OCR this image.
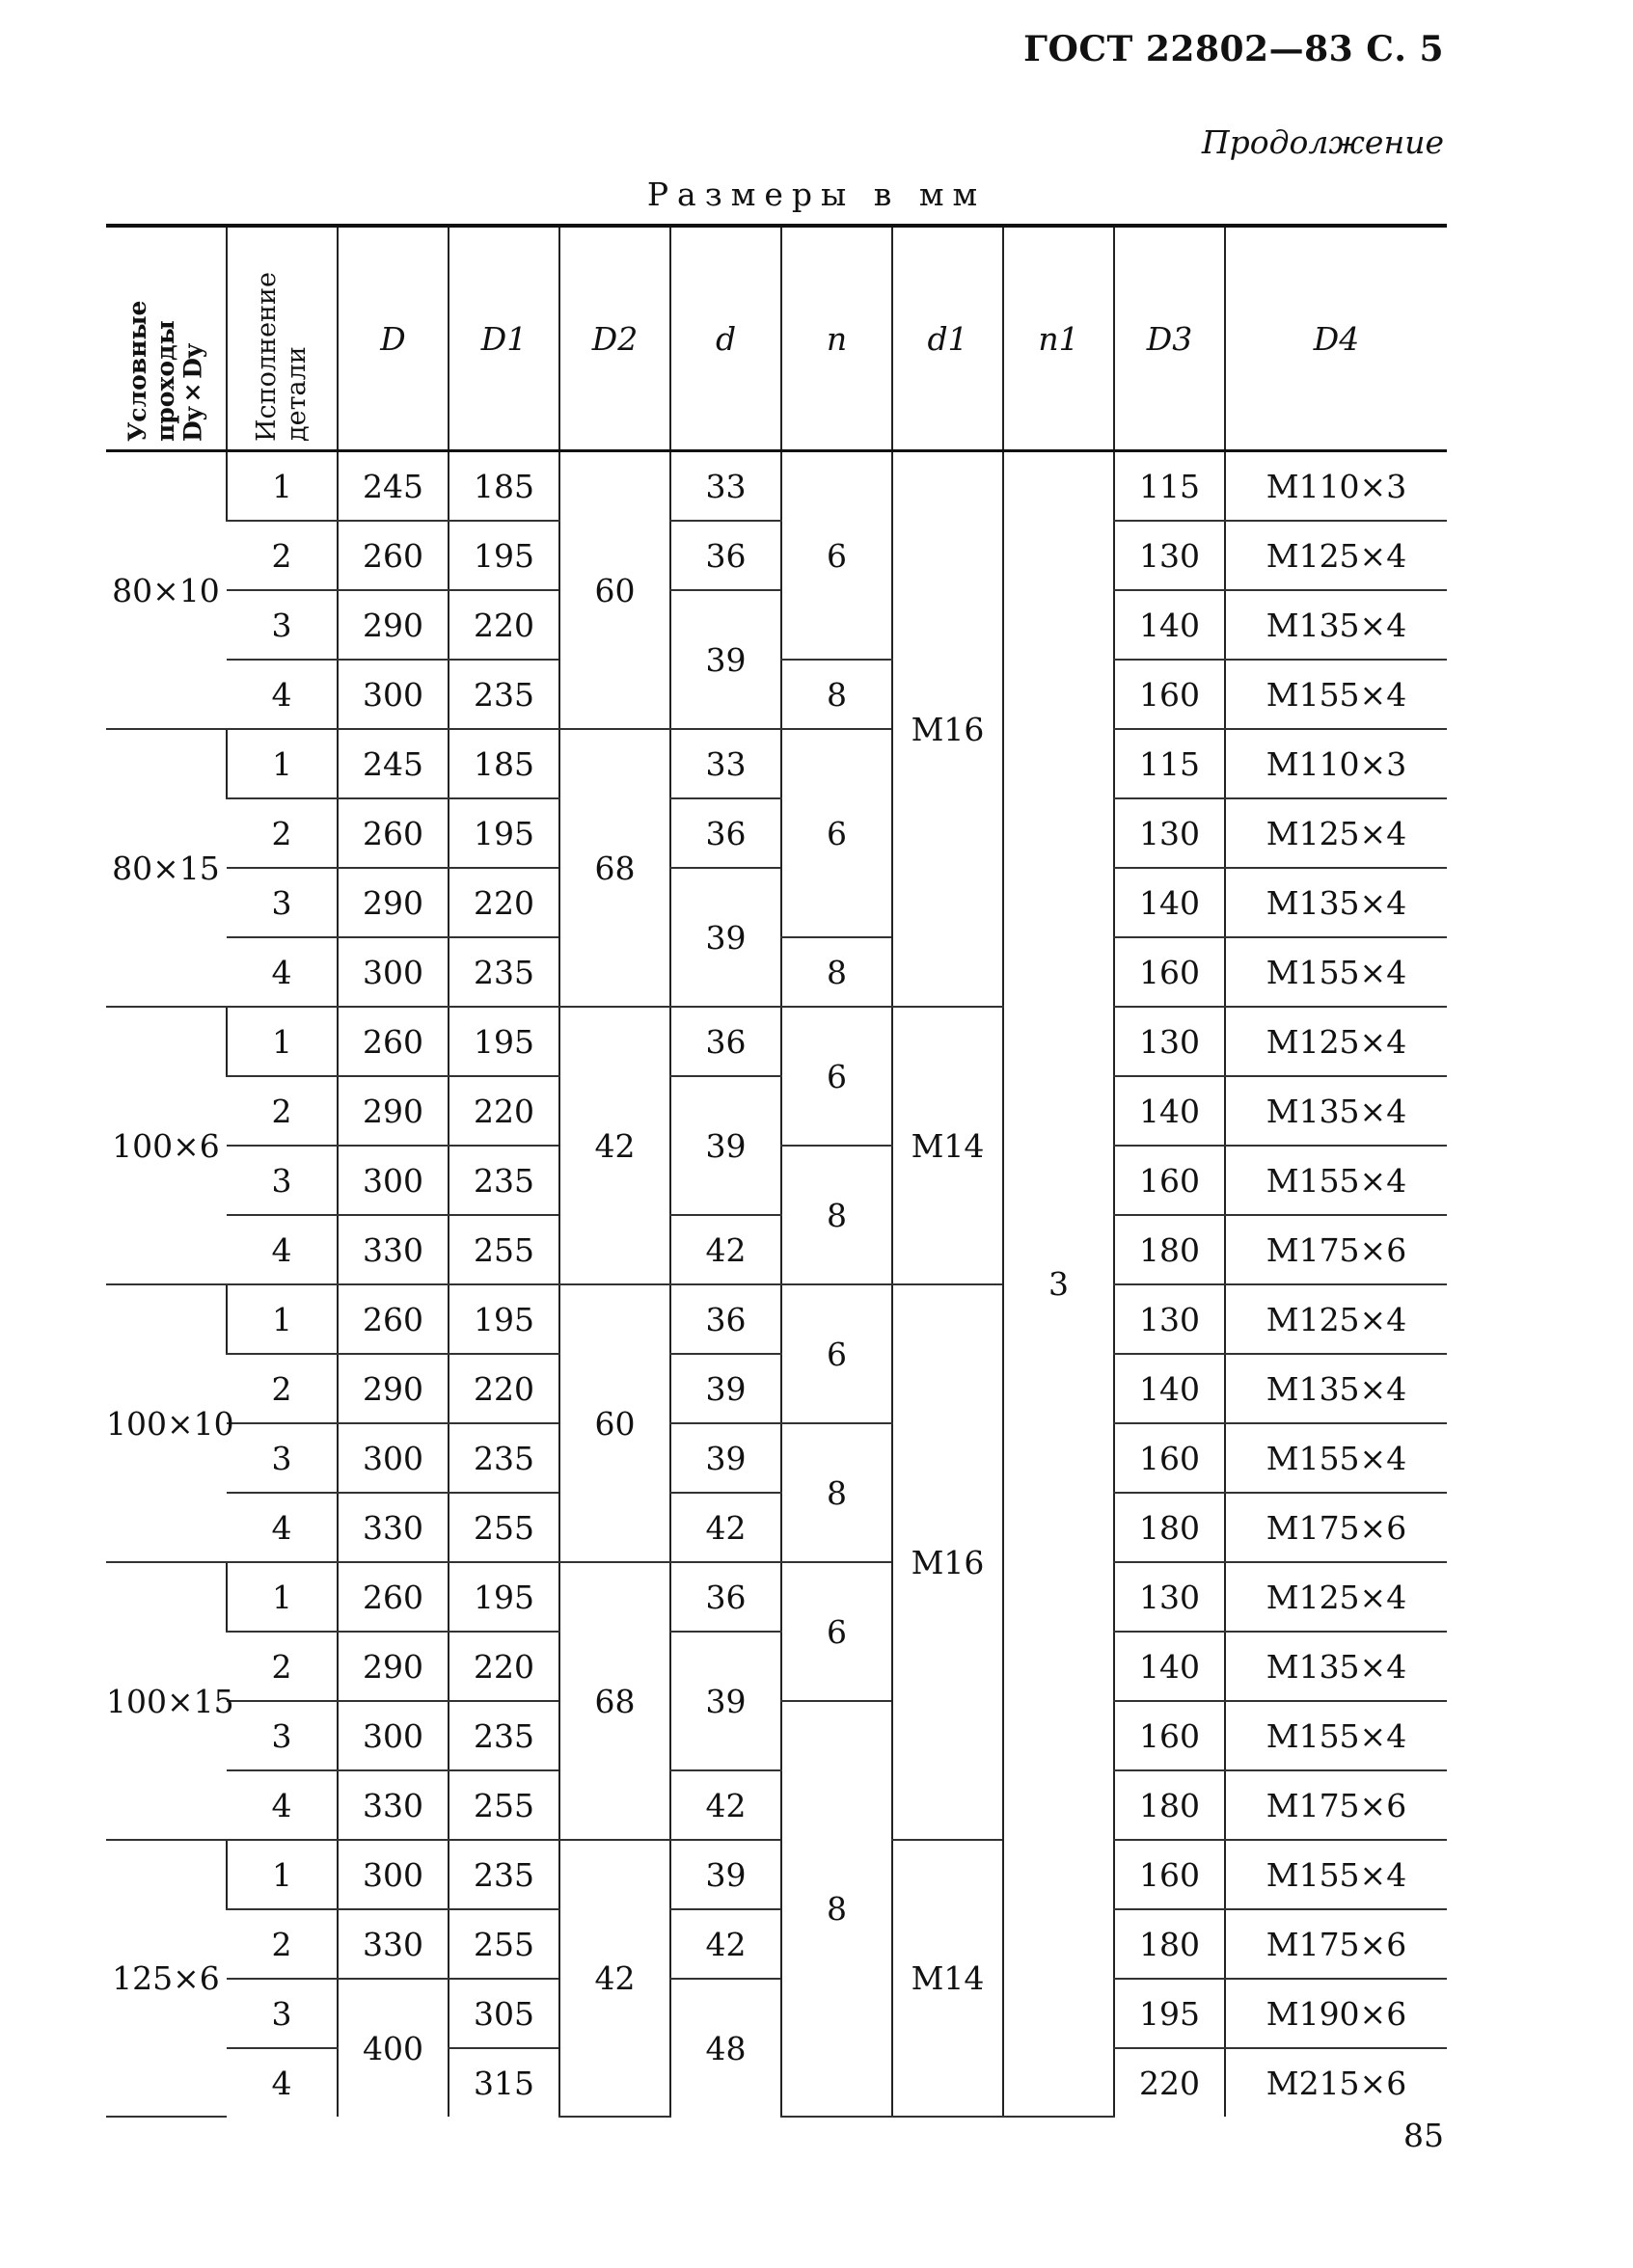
ГОСТ 22802—83 С. 5
Продолжение
Размеры в мм
Условные проходы Dy×Dy	Исполнение детали	D	D1	D2	d	n	d1	n1	D3	D4
80×10	1	245	185	60	33	6	M16	3	115	M110×3
	2	260	195		36				130	M125×4
	3	290	220		39				140	M135×4
	4	300	235			8			160	M155×4
80×15	1	245	185	68	33	6			115	M110×3
	2	260	195		36				130	M125×4
	3	290	220		39				140	M135×4
	4	300	235			8			160	M155×4
100×6	1	260	195	42	36	6	M14		130	M125×4
	2	290	220		39				140	M135×4
	3	300	235			8			160	M155×4
	4	330	255		42				180	M175×6
100×10	1	260	195	60	36	6	M16		130	M125×4
	2	290	220		39				140	M135×4
	3	300	235		39	8			160	M155×4
	4	330	255		42				180	M175×6
100×15	1	260	195	68	36	6			130	M125×4
	2	290	220		39				140	M135×4
	3	300	235			8			160	M155×4
	4	330	255		42				180	M175×6
125×6	1	300	235	42	39		M14		160	M155×4
	2	330	255		42				180	M175×6
	3	400	305		48				195	M190×6
	4		315						220	M215×6
85
